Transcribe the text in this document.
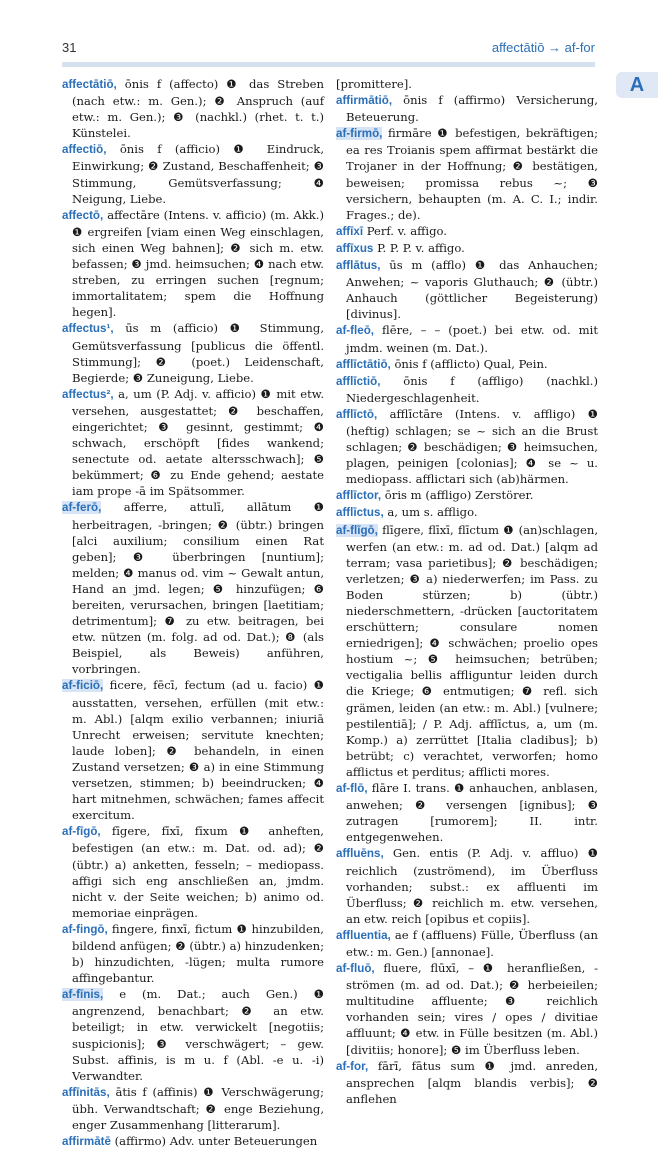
31	affectātiō → af-for
A

affectātiō, ōnis f (affecto) ❶ das Streben (nach etw.: m. Gen.); ❷ Anspruch (auf etw.: m. Gen.); ❸ (nachkl.) (rhet. t. t.) Künstelei.

affectiō, ōnis f (afficio) ❶ Eindruck, Einwirkung; ❷ Zustand, Beschaffenheit; ❸ Stimmung, Gemütsverfassung; ❹ Neigung, Liebe.

affectō, affectāre (Intens. v. afficio) (m. Akk.) ❶ ergreifen [viam einen Weg einschlagen, sich einen Weg bahnen]; ❷ sich m. etw. befassen; ❸ jmd. heimsuchen; ❹ nach etw. streben, zu erringen suchen [regnum; immortalitatem; spem die Hoffnung hegen].

affectus¹, ūs m (afficio) ❶ Stimmung, Gemütsverfassung [publicus die öffentl. Stimmung]; ❷ (poet.) Leidenschaft, Begierde; ❸ Zuneigung, Liebe.

affectus², a, um (P. Adj. v. afficio) ❶ mit etw. versehen, ausgestattet; ❷ beschaffen, eingerichtet; ❸ gesinnt, gestimmt; ❹ schwach, erschöpft [fides wankend; senectute od. aetate altersschwach]; ❺ bekümmert; ❻ zu Ende gehend; aestate iam prope -ā im Spätsommer.

af-ferō, afferre, attulī, allātum ❶ herbeitragen, -bringen; ❷ (übtr.) bringen [alci auxilium; consilium einen Rat geben]; ❸ überbringen [nuntium]; melden; ❹ manus od. vim ~ Gewalt antun, Hand an jmd. legen; ❺ hinzufügen; ❻ bereiten, verursachen, bringen [laetitiam; detrimentum]; ❼ zu etw. beitragen, bei etw. nützen (m. folg. ad od. Dat.); ❽ (als Beispiel, als Beweis) anführen, vorbringen.

af-ficiō, ficere, fēcī, fectum (ad u. facio) ❶ ausstatten, versehen, erfüllen (mit etw.: m. Abl.) [alqm exilio verbannen; iniuriā Unrecht erweisen; servitute knechten; laude loben]; ❷ behandeln, in einen Zustand versetzen; ❸ a) in eine Stimmung versetzen, stimmen; b) beeindrucken; ❹ hart mitnehmen, schwächen; fames affecit exercitum.

af-fīgō, fīgere, fīxī, fīxum ❶ anheften, befestigen (an etw.: m. Dat. od. ad); ❷ (übtr.) a) anketten, fesseln; – mediopass. affigi sich eng anschließen an, jmdm. nicht v. der Seite weichen; b) animo od. memoriae einprägen.

af-fingō, fingere, finxī, fictum ❶ hinzubilden, bildend anfügen; ❷ (übtr.) a) hinzudenken; b) hinzudichten, -lügen; multa rumore affingebantur.

af-fīnis, e (m. Dat.; auch Gen.) ❶ angrenzend, benachbart; ❷ an etw. beteiligt; in etw. verwickelt [negotiis; suspicionis]; ❸ verschwägert; – gew. Subst. affinis, is m u. f (Abl. -e u. -i) Verwandter.

affīnitās, ātis f (affinis) ❶ Verschwägerung; übh. Verwandtschaft; ❷ enge Beziehung, enger Zusammenhang [litterarum].

affirmātē (affirmo) Adv. unter Beteuerungen

[promittere].

affirmātiō, ōnis f (affirmo) Versicherung, Beteuerung.

af-firmō, firmāre ❶ befestigen, bekräftigen; ea res Troianis spem affirmat bestärkt die Trojaner in der Hoffnung; ❷ bestätigen, beweisen; promissa rebus ~; ❸ versichern, behaupten (m. A. C. I.; indir. Frages.; de).

affīxī Perf. v. affigo.

affīxus P. P. P. v. affigo.

afflātus, ūs m (afflo) ❶ das Anhauchen; Anwehen; ~ vaporis Gluthauch; ❷ (übtr.) Anhauch (göttlicher Begeisterung) [divinus].

af-fleō, flēre, – – (poet.) bei etw. od. mit jmdm. weinen (m. Dat.).

afflīctātiō, ōnis f (afflicto) Qual, Pein.

afflīctiō, ōnis f (affligo) (nachkl.) Niedergeschlagenheit.

afflīctō, afflīctāre (Intens. v. affligo) ❶ (heftig) schlagen; se ~ sich an die Brust schlagen; ❷ beschädigen; ❸ heimsuchen, plagen, peinigen [colonias]; ❹ se ~ u. mediopass. afflictari sich (ab)härmen.

afflīctor, ōris m (affligo) Zerstörer.

afflīctus, a, um s. affligo.

af-flīgō, flīgere, flīxī, flīctum ❶ (an)schlagen, werfen (an etw.: m. ad od. Dat.) [alqm ad terram; vasa parietibus]; ❷ beschädigen; verletzen; ❸ a) niederwerfen; im Pass. zu Boden stürzen; b) (übtr.) niederschmettern, -drücken [auctoritatem erschüttern; consulare nomen erniedrigen]; ❹ schwächen; proelio opes hostium ~; ❺ heimsuchen; betrüben; vectigalia bellis affliguntur leiden durch die Kriege; ❻ entmutigen; ❼ refl. sich grämen, leiden (an etw.: m. Abl.) [vulnere; pestilentiā]; / P. Adj. afflīctus, a, um (m. Komp.) a) zerrüttet [Italia cladibus]; b) betrübt; c) verachtet, verworfen; homo afflictus et perditus; afflicti mores.

af-flō, flāre I. trans. ❶ anhauchen, anblasen, anwehen; ❷ versengen [ignibus]; ❸ zutragen [rumorem]; II. intr. entgegenwehen.

affluēns, Gen. entis (P. Adj. v. affluo) ❶ reichlich (zuströmend), im Überfluss vorhanden; subst.: ex affluenti im Überfluss; ❷ reichlich m. etw. versehen, an etw. reich [opibus et copiis].

affluentia, ae f (affluens) Fülle, Überfluss (an etw.: m. Gen.) [annonae].

af-fluō, fluere, flūxī, – ❶ heranfließen, -strömen (m. ad od. Dat.); ❷ herbeieilen; multitudine affluente; ❸ reichlich vorhanden sein; vires / opes / divitiae affluunt; ❹ etw. in Fülle besitzen (m. Abl.) [divitiis; honore]; ❺ im Überfluss leben.

af-for, fārī, fātus sum ❶ jmd. anreden, ansprechen [alqm blandis verbis]; ❷ anflehen
